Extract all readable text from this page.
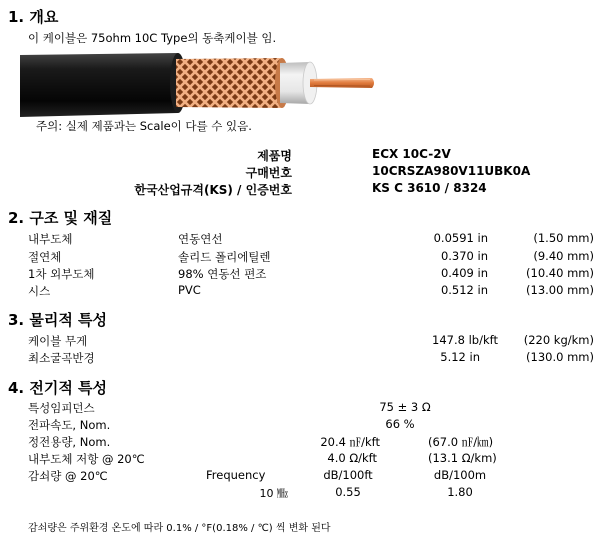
1. 개요
이 케이블은 75ohm 10C Type의 동축케이블 임.
주의: 실제 제품과는 Scale이 다를 수 있음.
제품명	ECX 10C-2V
구매번호	10CRSZA980V11UBK0A
한국산업규격(KS) / 인증번호	KS C 3610 / 8324
2. 구조 및 재질
내부도체	연동연선	0.0591 in	(1.50 mm)
절연체	솔리드 폴리에틸렌	0.370 in	(9.40 mm)
1차 외부도체	98% 연동선 편조	0.409 in	(10.40 mm)
시스	PVC	0.512 in	(13.00 mm)
3. 물리적 특성
케이블 무게	147.8 lb/kft	(220 kg/km)
최소굴곡반경	5.12 in	(130.0 mm)
4. 전기적 특성
특성임피던스	75 ± 3 Ω
전파속도, Nom.	66 %
정전용량, Nom.	20.4 ㎋/kft	(67.0 ㎋/㎞)
내부도체 저항 @ 20℃	4.0 Ω/kft	(13.1 Ω/km)
감쇠량 @ 20℃	Frequency	dB/100ft	dB/100m
10 ㎒	0.55	1.80
감쇠량은 주위환경 온도에 따라 0.1% / °F(0.18% / ℃) 씩 변화 된다
